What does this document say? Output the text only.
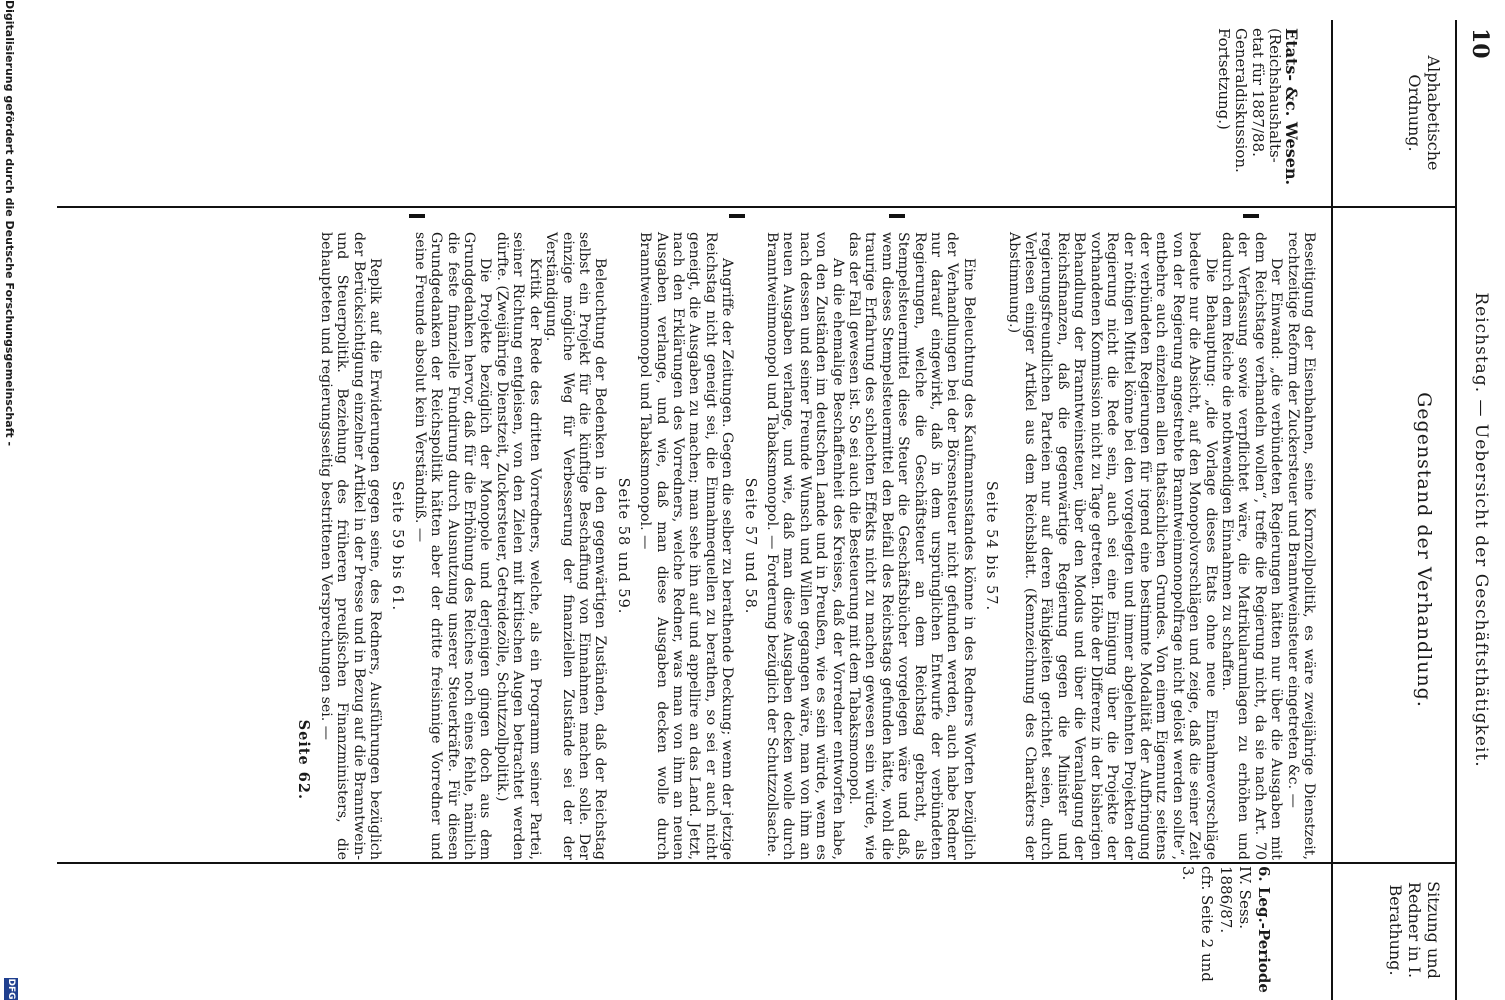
10
Reichstag. — Uebersicht der Geschäftsthätigkeit.
Alphabetische Ordnung.
Gegenstand der Verhandlung.
Sitzung und Redner in I. Berathung.
Etats- &c. Wesen.
(Reichshaushalts-
etat für 1887/88.
Generaldiskussion.
Fortsetzung.)
6. Leg.-Periode
IV. Sess. 1886/87.
cfr. Seite 2 und 3.

Beseitigung der Eisenbahnen, seine Kornzollpolitik, es wäre zweijährige Dienstzeit, rechtzeitige Reform der Zuckersteuer und Branntweinsteuer eingetreten &c. —

Der Einwand: „die verbündeten Regierungen hätten nur über die Ausgaben mit dem Reichstage verhandeln wollen“, treffe die Regierung nicht, da sie nach Art. 70 der Verfassung sowie verpflichtet wäre, die Matrikularumlagen zu erhöhen und dadurch dem Reiche die nothwendigen Einnahmen zu schaffen.

Die Behauptung: „die Vorlage dieses Etats ohne neue Einnahmevorschläge bedeute nur die Absicht, auf den Monopolvorschlägen und zeige, daß die seiner Zeit von der Regierung angestrebte Branntweinmonopolfrage nicht gelöst werden sollte“, entbehre auch einzelnen allen thatsächlichen Grundes. Von einem Eigennutz seitens der verbündeten Regierungen für irgend eine bestimmte Modalität der Aufbringung der nöthigen Mittel könne bei den vorgelegten und immer abgelehnten Projekten der Regierung nicht die Rede sein, auch sei eine Einigung über die Projekte der vorhandenen Kommission nicht zu Tage getreten. Höhe der Differenz in der bisherigen Behandlung der Branntweinsteuer, über den Modus und über die Veranlagung der Reichsfinanzen, daß die gegenwärtige Regierung gegen die Minister und regierungsfreundlichen Parteien nur auf deren Fähigkeiten gerichtet seien, durch Verlesen einiger Artikel aus dem Reichsblatt. (Kennzeichnung des Charakters der Abstimmung.)

Seite 54 bis 57.

Eine Beleuchtung des Kaufmannsstandes könne in des Redners Worten bezüglich der Verhandlungen bei der Börsensteuer nicht gefunden werden, auch habe Redner nur darauf eingewirkt, daß in dem ursprünglichen Entwurfe der verbündeten Regierungen, welche die Geschäftsteuer an dem Reichstag gebracht, als Stempelsteuermittel diese Steuer die Geschäftsbücher vorgelegen wäre und daß, wenn dieses Stempelsteuermittel den Beifall des Reichstags gefunden hätte, wohl die traurige Erfahrung des schlechten Effekts nicht zu machen gewesen sein würde, wie das der Fall gewesen ist. So sei auch die Besteuerung mit dem Tabaksmonopol.

An die ehemalige Beschaffenheit des Kreises, daß der Vorredner entworfen habe, von den Zuständen im deutschen Lande und in Preußen, wie es sein würde, wenn es nach dessen und seiner Freunde Wunsch und Willen gegangen wäre, man von ihm an neuen Ausgaben verlange, und wie, daß man diese Ausgaben decken wolle durch Branntweinmonopol und Tabaksmonopol. — Forderung bezüglich der Schutzzollsache.

Seite 57 und 58.

Angriffe der Zeitungen. Gegen die selber zu berathende Deckung; wenn der jetzige Reichstag nicht geneigt sei, die Einnahmequellen zu berathen, so sei er auch nicht geneigt, die Ausgaben zu machen; man sehe ihn auf und appellire an das Land. Jetzt, nach den Erklärungen des Vorredners, welche Redner, was man von ihm an neuen Ausgaben verlange, und wie, daß man diese Ausgaben decken wolle durch Branntweinmonopol und Tabaksmonopol. —

Seite 58 und 59.

Beleuchtung der Bedenken in den gegenwärtigen Zuständen, daß der Reichstag selbst ein Projekt für die künftige Beschaffung von Einnahmen machen solle. Der einzige mögliche Weg für Verbesserung der finanziellen Zustände sei der der Verständigung.

Kritik der Rede des dritten Vorredners, welche, als ein Programm seiner Partei, seiner Richtung entgleisen, von den Zielen mit kritischen Augen betrachtet werden dürfte. (Zweijährige Dienstzeit, Zuckersteuer, Getreidezölle, Schutzzollpolitik.)

Die Projekte bezüglich der Monopole und derjenigen gingen doch aus dem Grundgedanken hervor, daß für die Erhöhung des Reiches noch eines fehle, nämlich die feste finanzielle Fundirung durch Ausnutzung unserer Steuerkräfte. Für diesen Grundgedanken der Reichspolitik hätten aber der dritte freisinnige Vorredner und seine Freunde absolut kein Verständniß. —

Seite 59 bis 61.

Replik auf die Erwiderungen gegen seine, des Redners, Ausführungen bezüglich der Berücksichtigung einzelner Artikel in der Presse und in Bezug auf die Branntwein- und Steuerpolitik. Beziehung des früheren preußischen Finanzministers, die behaupteten und regierungsseitig bestrittenen Versprechungen sei. —

Seite 62.
Digitalisierung gefördert durch die Deutsche Forschungsgemeinschaft -
DFG
